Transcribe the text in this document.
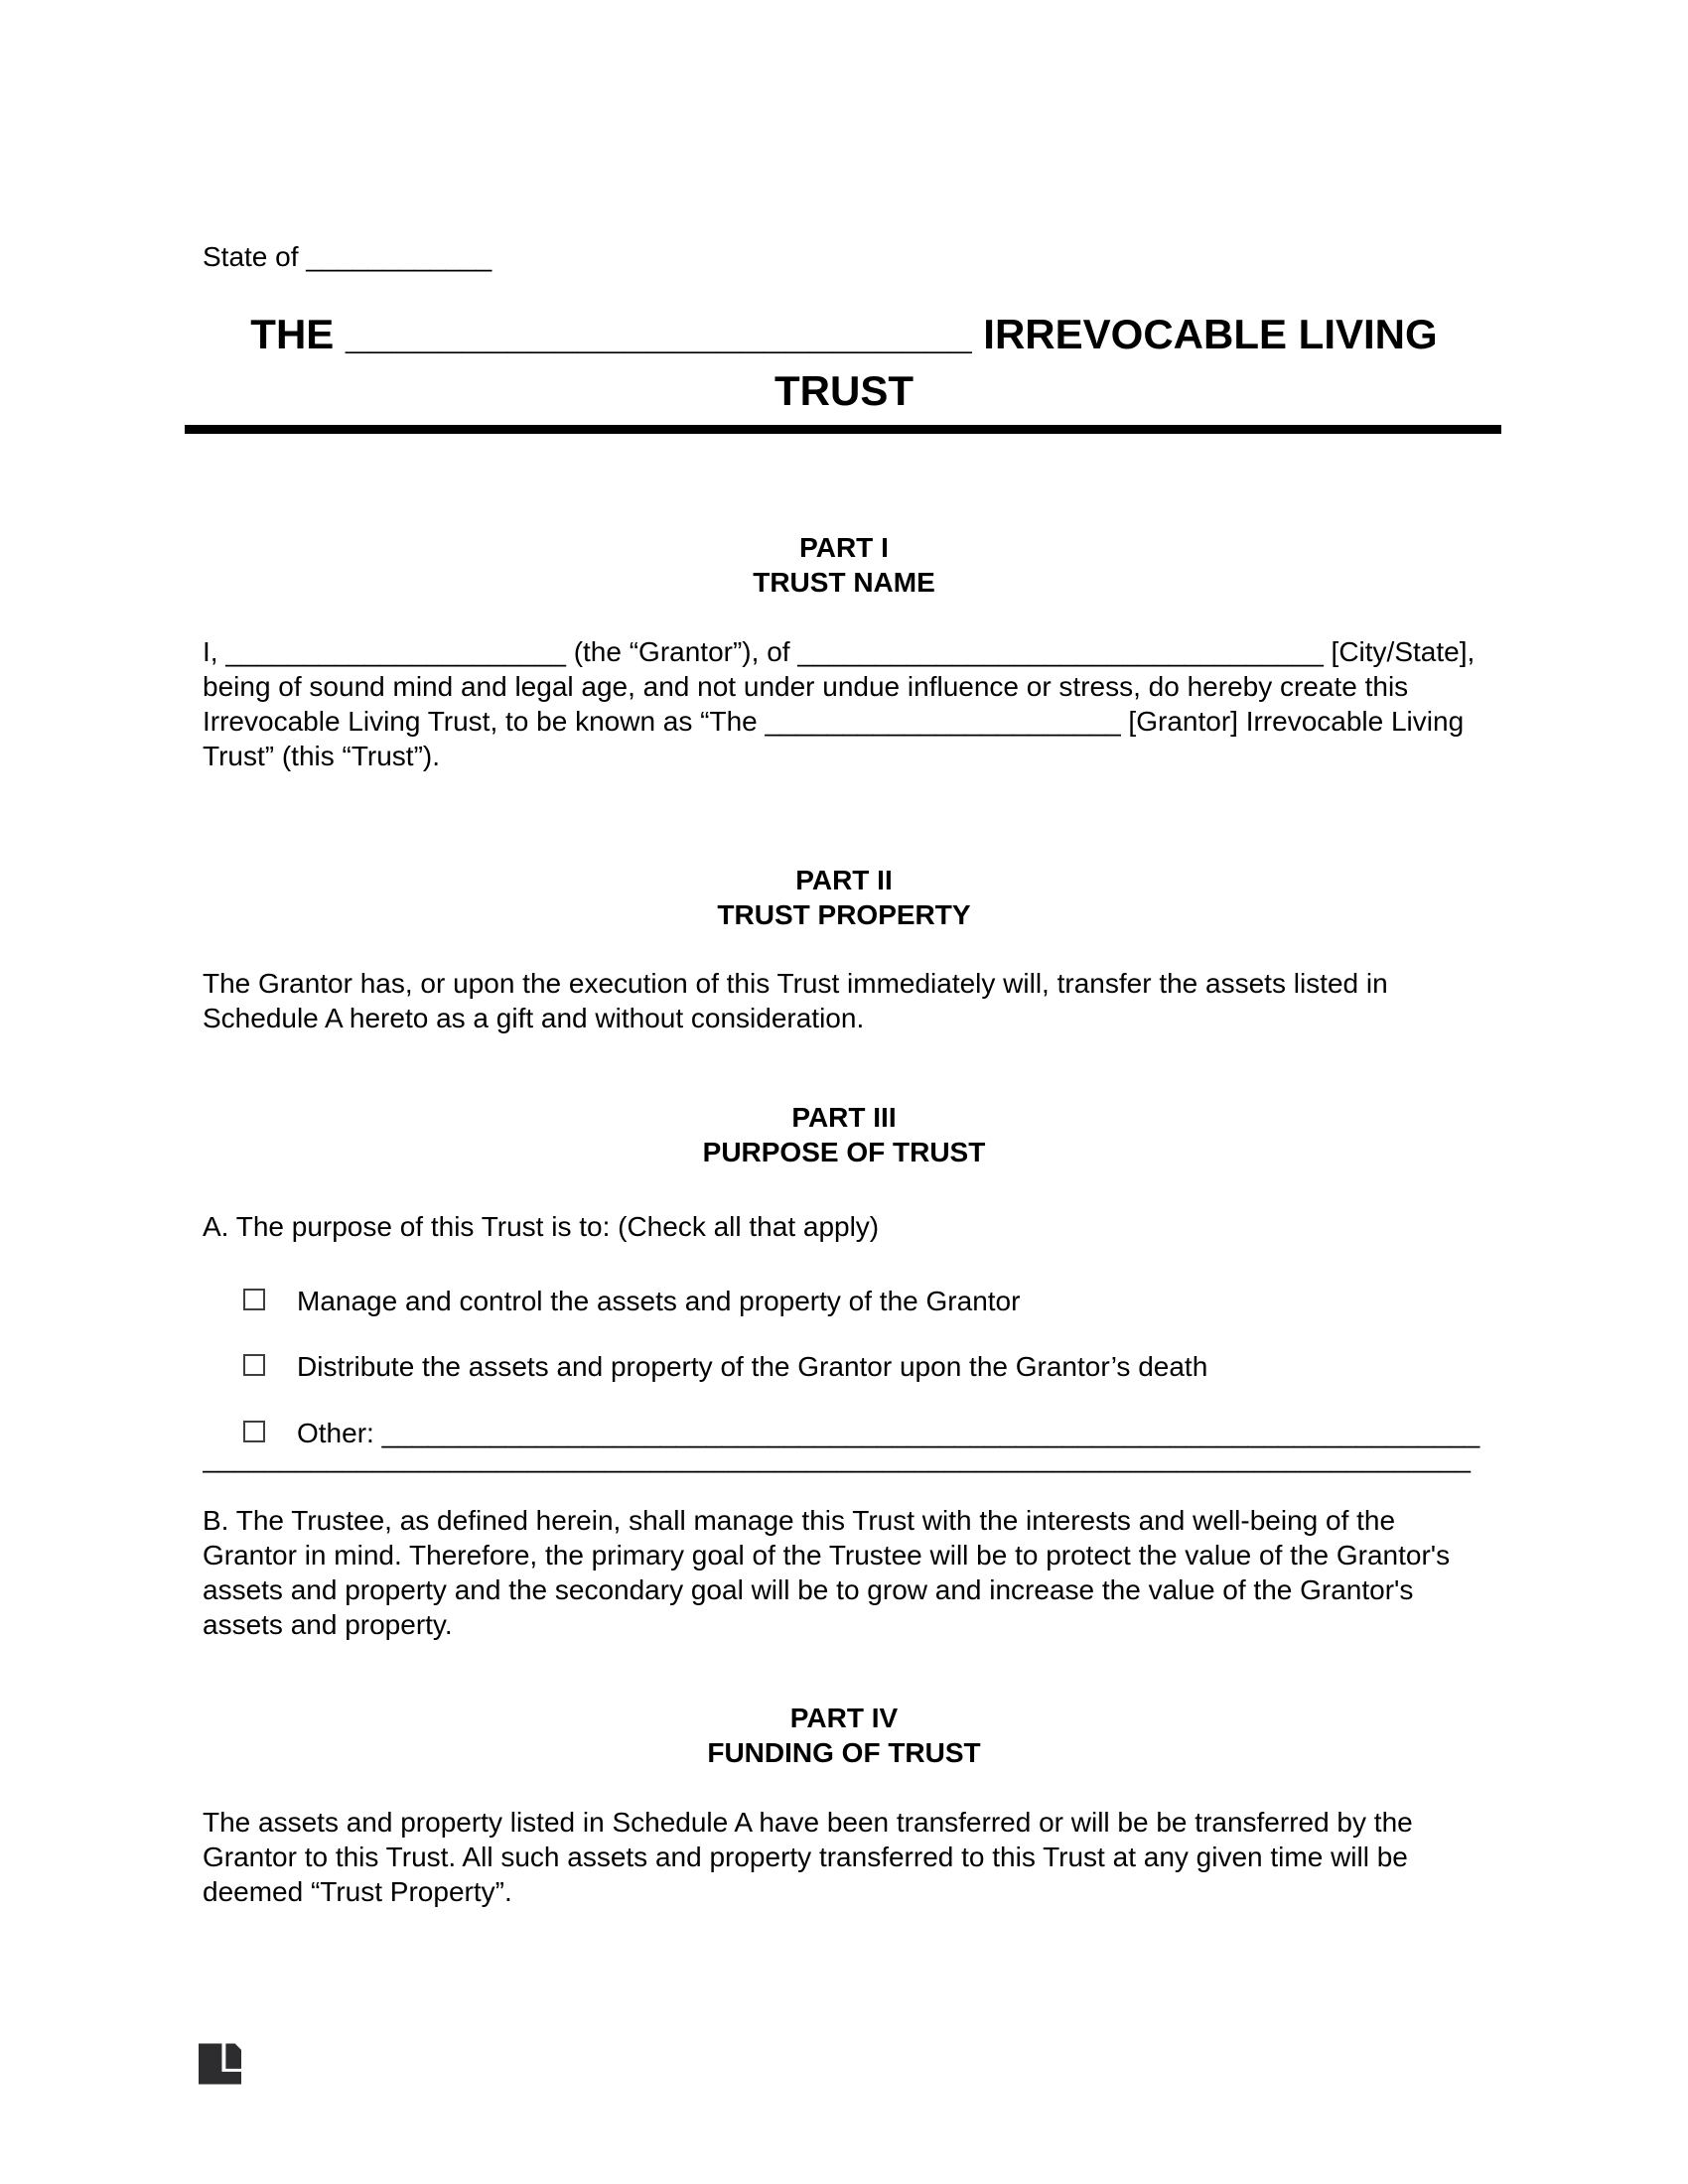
State of ____________

THE ___________________________ IRREVOCABLE LIVING TRUST
PART I
TRUST NAME

I, ______________________ (the “Grantor”), of __________________________________ [City/State], being of sound mind and legal age, and not under undue influence or stress, do hereby create this Irrevocable Living Trust, to be known as “The _______________________ [Grantor] Irrevocable Living Trust” (this “Trust”).

PART II
TRUST PROPERTY

The Grantor has, or upon the execution of this Trust immediately will, transfer the assets listed in Schedule A hereto as a gift and without consideration.

PART III
PURPOSE OF TRUST

A. The purpose of this Trust is to: (Check all that apply)

Manage and control the assets and property of the Grantor
Distribute the assets and property of the Grantor upon the Grantor’s death
Other: _______________________________________________________________________

__________________________________________________________________________________

B. The Trustee, as defined herein, shall manage this Trust with the interests and well-being of the Grantor in mind. Therefore, the primary goal of the Trustee will be to protect the value of the Grantor's assets and property and the secondary goal will be to grow and increase the value of the Grantor's assets and property.

PART IV
FUNDING OF TRUST

The assets and property listed in Schedule A have been transferred or will be be transferred by the Grantor to this Trust. All such assets and property transferred to this Trust at any given time will be deemed “Trust Property”.
